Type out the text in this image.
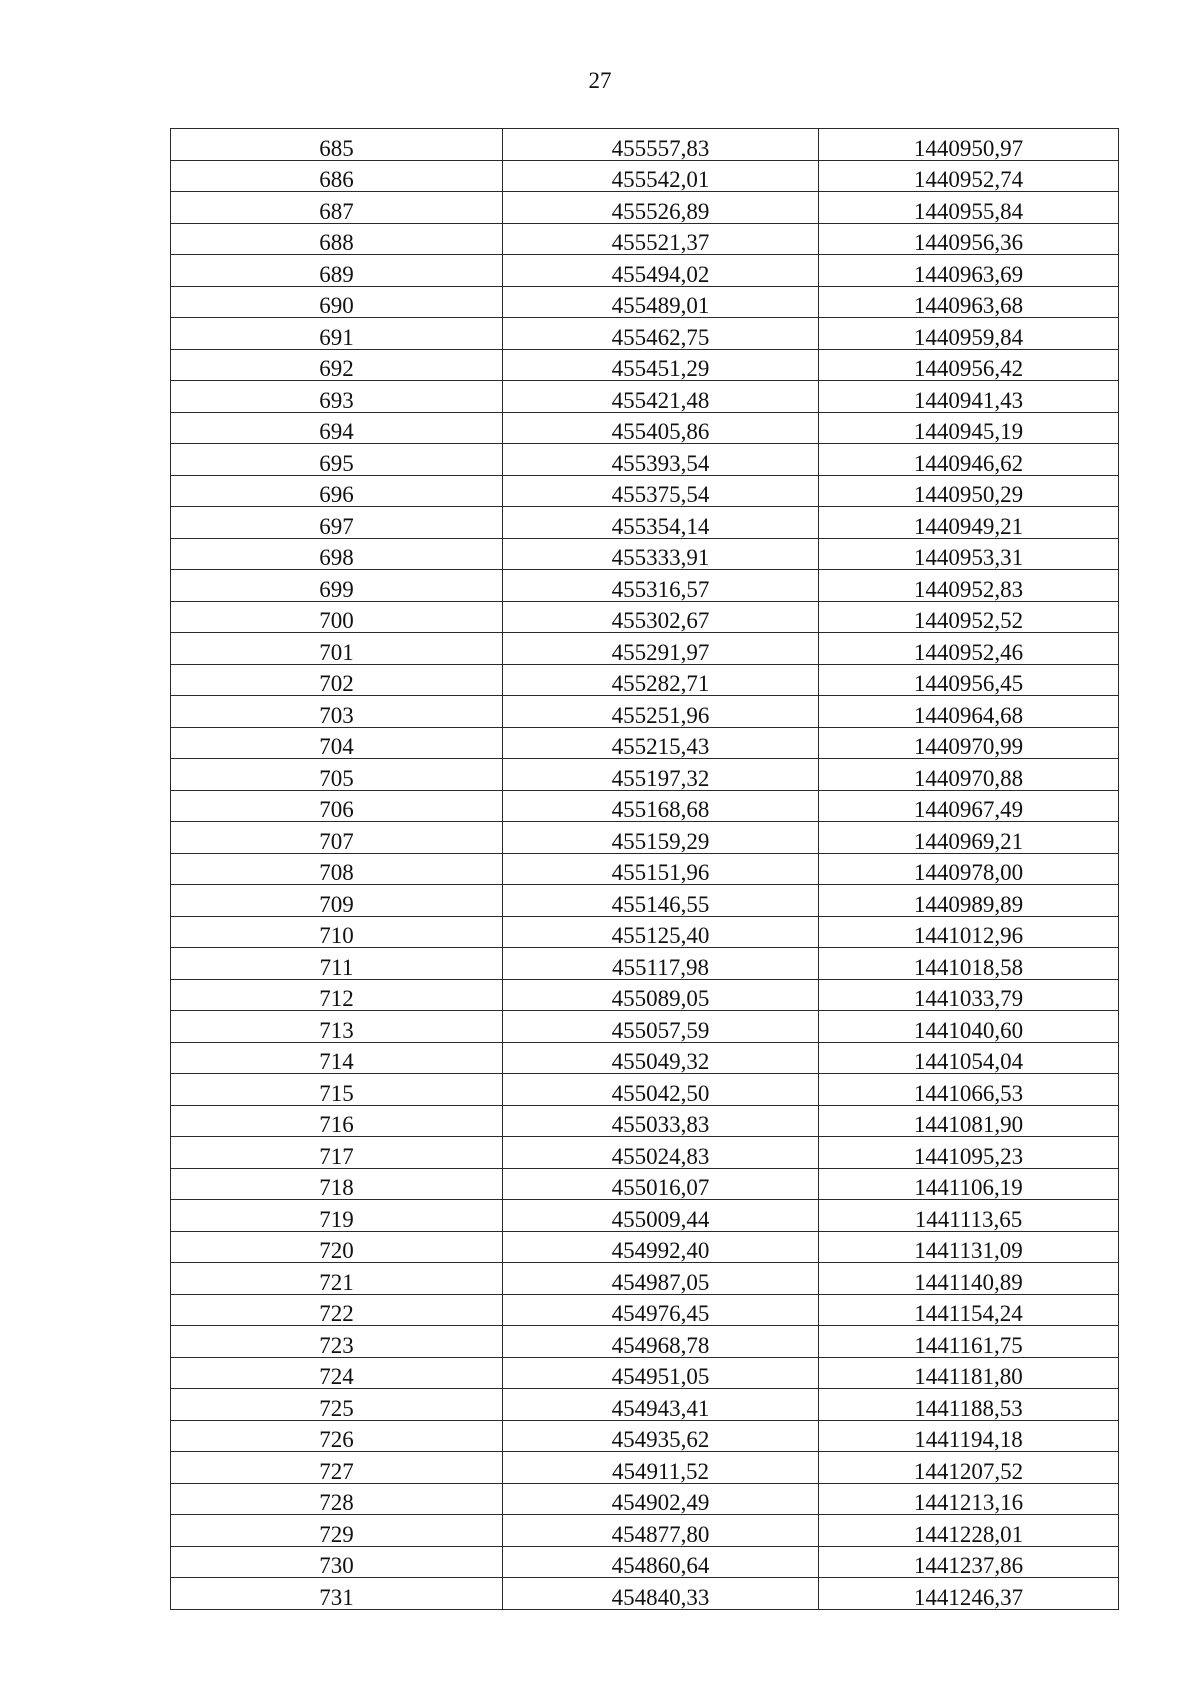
27
685	455557,83	1440950,97
686	455542,01	1440952,74
687	455526,89	1440955,84
688	455521,37	1440956,36
689	455494,02	1440963,69
690	455489,01	1440963,68
691	455462,75	1440959,84
692	455451,29	1440956,42
693	455421,48	1440941,43
694	455405,86	1440945,19
695	455393,54	1440946,62
696	455375,54	1440950,29
697	455354,14	1440949,21
698	455333,91	1440953,31
699	455316,57	1440952,83
700	455302,67	1440952,52
701	455291,97	1440952,46
702	455282,71	1440956,45
703	455251,96	1440964,68
704	455215,43	1440970,99
705	455197,32	1440970,88
706	455168,68	1440967,49
707	455159,29	1440969,21
708	455151,96	1440978,00
709	455146,55	1440989,89
710	455125,40	1441012,96
711	455117,98	1441018,58
712	455089,05	1441033,79
713	455057,59	1441040,60
714	455049,32	1441054,04
715	455042,50	1441066,53
716	455033,83	1441081,90
717	455024,83	1441095,23
718	455016,07	1441106,19
719	455009,44	1441113,65
720	454992,40	1441131,09
721	454987,05	1441140,89
722	454976,45	1441154,24
723	454968,78	1441161,75
724	454951,05	1441181,80
725	454943,41	1441188,53
726	454935,62	1441194,18
727	454911,52	1441207,52
728	454902,49	1441213,16
729	454877,80	1441228,01
730	454860,64	1441237,86
731	454840,33	1441246,37
